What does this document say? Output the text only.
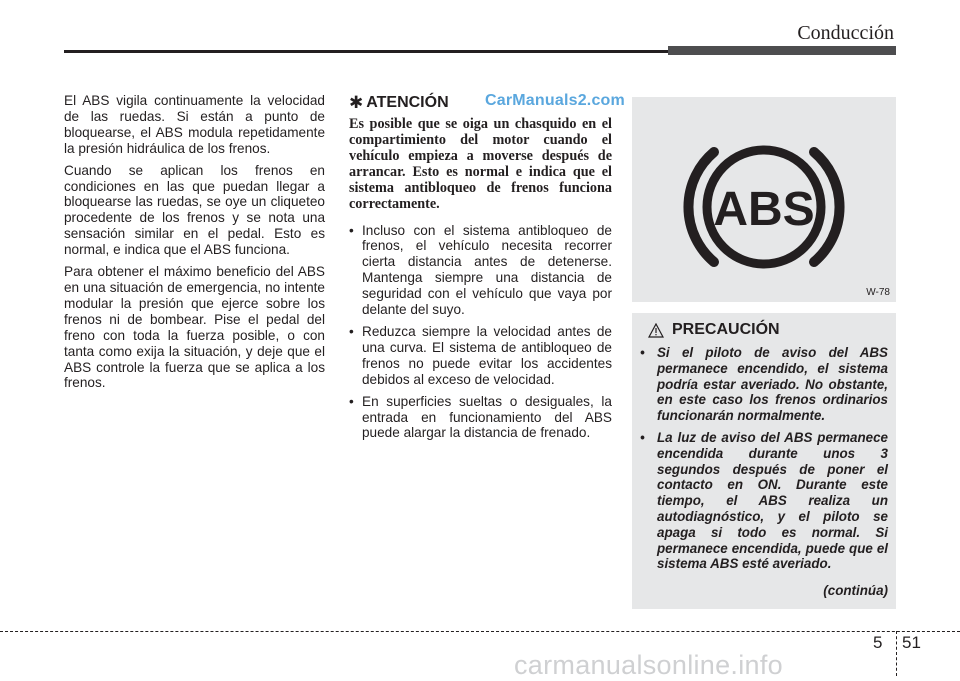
Conducción

El ABS vigila continuamente la velocidad de las ruedas. Si están a punto de bloquearse, el ABS modula repetidamente la presión hidráulica de los frenos.

Cuando se aplican los frenos en condiciones en las que puedan llegar a bloquearse las ruedas, se oye un cliqueteo procedente de los frenos y se nota una sensación similar en el pedal. Esto es normal, e indica que el ABS funciona.

Para obtener el máximo beneficio del ABS en una situación de emergencia, no intente modular la presión que ejerce sobre los frenos ni de bombear. Pise el pedal del freno con toda la fuerza posible, o con tanta como exija la situación, y deje que el ABS controle la fuerza que se aplica a los frenos.

✱ ATENCIÓN CarManuals2.com
Es posible que se oiga un chasquido en el compartimiento del motor cuando el vehículo empieza a moverse después de arrancar. Esto es normal e indica que el sistema antibloqueo de frenos funciona correctamente.
• Incluso con el sistema antibloqueo de frenos, el vehículo necesita recorrer cierta distancia antes de detenerse. Mantenga siempre una distancia de seguridad con el vehículo que vaya por delante del suyo.
• Reduzca siempre la velocidad antes de una curva. El sistema de antibloqueo de frenos no puede evitar los accidentes debidos al exceso de velocidad.
• En superficies sueltas o desiguales, la entrada en funcionamiento del ABS puede alargar la distancia de frenado.
ABS
W-78
PRECAUCIÓN
• Si el piloto de aviso del ABS permanece encendido, el sistema podría estar averiado. No obstante, en este caso los frenos ordinarios funcionarán normalmente.
• La luz de aviso del ABS permanece encendida durante unos 3 segundos después de poner el contacto en ON. Durante este tiempo, el ABS realiza un autodiagnóstico, y el piloto se apaga si todo es normal. Si permanece encendida, puede que el sistema ABS esté averiado.
(continúa)
5 51
carmanualsonline.info
